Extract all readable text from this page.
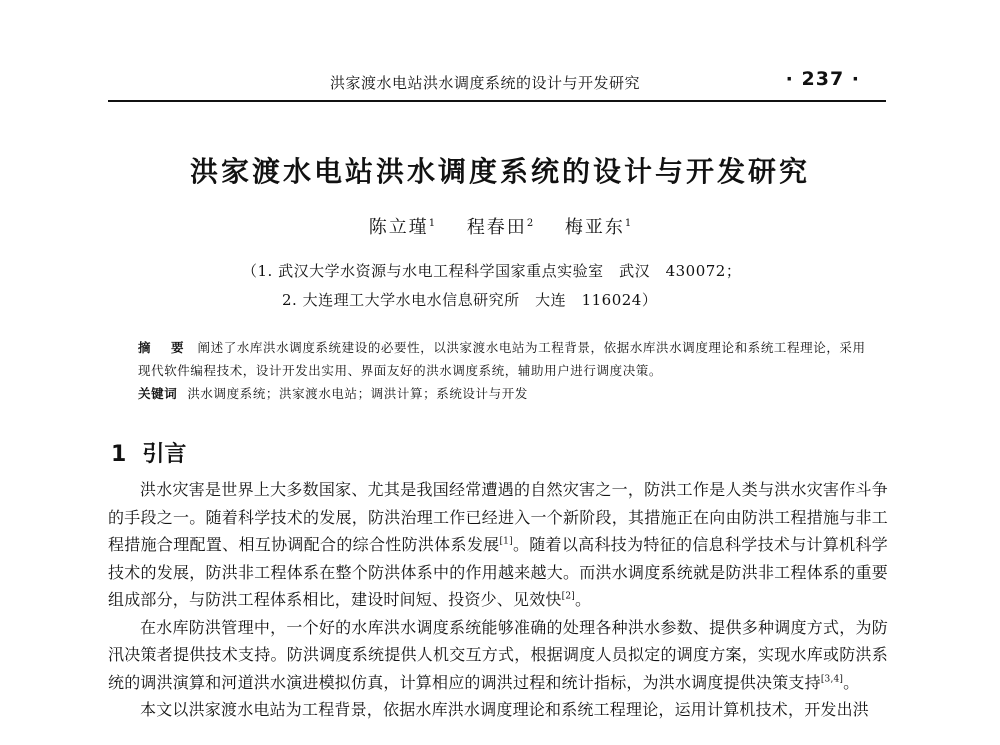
洪家渡水电站洪水调度系统的设计与开发研究	· 237 ·
洪家渡水电站洪水调度系统的设计与开发研究
陈立瑾$^1$ 程春田$^2$ 梅亚东$^1$
（1. 武汉大学水资源与水电工程科学国家重点实验室　武汉　430072；
2. 大连理工大学水电水信息研究所　大连　116024）
摘　要 阐述了水库洪水调度系统建设的必要性，以洪家渡水电站为工程背景，依据水库洪水调度理论和系统工程理论，采用现代软件编程技术，设计开发出实用、界面友好的洪水调度系统，辅助用户进行调度决策。
关键词 洪水调度系统；洪家渡水电站；调洪计算；系统设计与开发
1 引言

洪水灾害是世界上大多数国家、尤其是我国经常遭遇的自然灾害之一，防洪工作是人类与洪水灾害作斗争的手段之一。随着科学技术的发展，防洪治理工作已经进入一个新阶段，其措施正在向由防洪工程措施与非工程措施合理配置、相互协调配合的综合性防洪体系发展[1]。随着以高科技为特征的信息科学技术与计算机科学技术的发展，防洪非工程体系在整个防洪体系中的作用越来越大。而洪水调度系统就是防洪非工程体系的重要组成部分，与防洪工程体系相比，建设时间短、投资少、见效快[2]。

在水库防洪管理中，一个好的水库洪水调度系统能够准确的处理各种洪水参数、提供多种调度方式，为防汛决策者提供技术支持。防洪调度系统提供人机交互方式，根据调度人员拟定的调度方案，实现水库或防洪系统的调洪演算和河道洪水演进模拟仿真，计算相应的调洪过程和统计指标，为洪水调度提供决策支持[3,4]。

本文以洪家渡水电站为工程背景，依据水库洪水调度理论和系统工程理论，运用计算机技术，开发出洪
